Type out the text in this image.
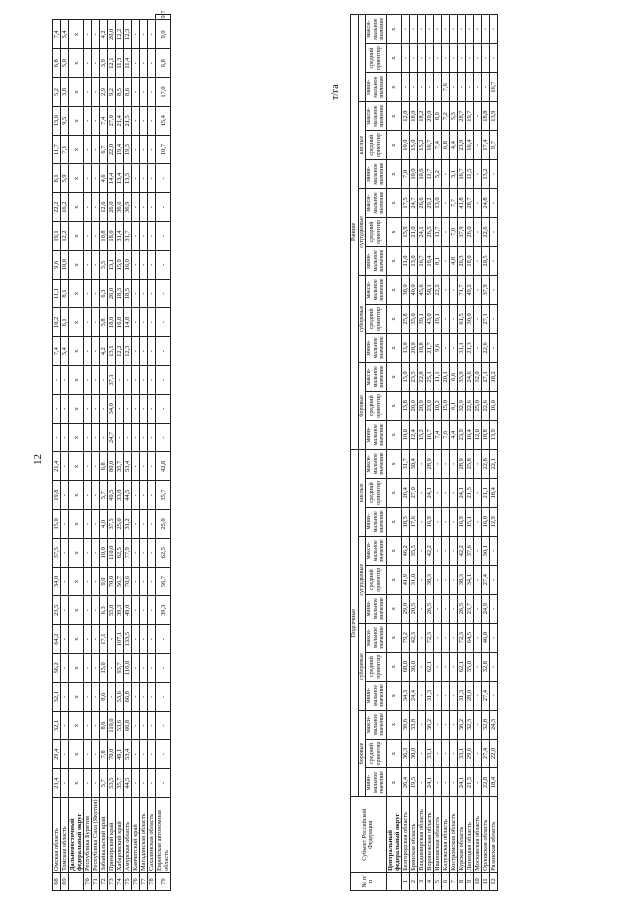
12
т/га
68	Омская область	21,4	29,4	32,1	32,1	56,2	64,2	23,5	34,0	37,5	15,0	19,8	21,4	-	-	-	7,4	10,2	11,1	9,6	19,1	22,2	8,1	11,7	13,0	5,2	6,8	7,4	
69	Томская область	-	-	-	-	-	-	-	-	-	-	-	-	-	-	-	5,4	6,1	8,1	10,0	12,2	16,2	5,9	7,1	9,5	3,8	5,0	5,4	
	Дальневосточный федеральный округ	х	х	х	х	х	х	х	х	х	х	х	х	х	х	х	х	х	х	х	х	х	х	х	х	х	х	х	
70	Республика Бурятия	-	-	-	-	-	-	-	-	-	-	-	-	-	-	-	-	-	-	-	-	-	-	-	-	-	-	-	
71	Республика Саха (Якутия)	-	-	-	-	-	-	-	-	-	-	-	-	-	-	-	-	-	-	-	-	-	-	-	-	-	-	-	
72	Забайкальский край	5,7	7,8	8,6	8,6	15,0	17,1	6,3	9,0	10,0	4,0	5,7	6,8	-	-	-	4,2	5,8	6,3	5,5	10,8	12,6	4,6	6,7	7,4	2,9	3,9	4,2	
73	Приморский край	53,5	70,0	110,0	-	-	-	55,0	70,0	110,0	37,5	49,5	80,0	24,7	34,0	37,1	13,1	18,0	26,0	13,1	18,0	26,0	14,4	22,0	27,0	9,2	12,1	20,0	
74	Хабаровский край	35,7	49,1	53,6	53,6	93,7	107,1	39,3	56,7	62,5	25,0	33,0	35,7	-	-	-	12,2	16,8	18,3	15,9	31,4	36,6	13,4	19,4	21,4	8,5	11,3	12,2	
75	Амурская область	44,5	53,4	66,8	66,8	116,8	133,5	49,0	70,6	77,9	31,2	44,5	53,4	-	-	-	12,3	14,8	18,5	16,0	31,7	36,9	13,5	19,5	21,5	8,6	11,4	12,3	
76	Камчатский край	-	-	-	-	-	-	-	-	-	-	-	-	-	-	-	-	-	-	-	-	-	-	-	-	-	-	-	
77	Магаданская область	-	-	-	-	-	-	-	-	-	-	-	-	-	-	-	-	-	-	-	-	-	-	-	-	-	-	-	
78	Сахалинская область	-	-	-	-	-	-	-	-	-	-	-	-	-	-	-	-	-	-	-	-	-	-	-	-	-	-	-	
79	Еврейская автономная область	-	-	-	-	-	-	39,3	56,7	62,5	25,0	35,7	42,8	-	-	-	-	-	-	-	-	-	-	10,7	15,4	17,0	6,8	9,0	9,7
№ п/п	Субъект Российской Федерации	Подсечные												Ранние														
		боровые			суборевые			сугрудковые			кислые			боровые			суборевые			сугрудковые			кислые					
		мини-мальное значение	средний ориентир	макси-мальное значение	мини-мальное значение	средний ориентир	макси-мальное значение	мини-мальное значение	средний ориентир	макси-мальное значение	мини-мальное значение	средний ориентир	макси-мальное значение	мини-мальное значение	средний ориентир	макси-мальное значение	мини-мальное значение	средний ориентир	макси-мальное значение	мини-мальное значение	средний ориентир	макси-мальное значение	мини-мальное значение	средний ориентир	макси-мальное значение	мини-мальное значение	средний ориентир	макси-мальное значение
	Центральный федеральный округ	х	х	х	х	х	х	х	х	х	х	х	х	х	х	х	х	х	х	х	х	х	х	х	х	х	х	х
1	Белгородская область	26,4	36,3	39,6	34,3	68,0	79,2	29,0	41,9	46,2	18,5	26,4	31,7	10,0	13,8	15,0	13,0	25,8	30,0	11,0	15,9	17,5	7,0	10,0	12,0	-	-	-
2	Брянская область	19,5	30,0	33,8	24,4	36,0	42,3	20,5	31,0	35,5	17,6	27,0	30,4	12,4	20,0	23,5	20,0	35,0	40,0	13,0	21,0	24,7	10,0	15,0	18,0	-	-	-
3	Владимирская область	-	-	-	-	-	-	-	-	-	-	-	-	15,2	20,9	22,8	19,8	39,1	45,6	16,7	24,1	26,6	10,6	15,2	18,2	-	-	-
4	Воронежская область	24,1	33,1	36,2	31,3	62,1	72,3	26,5	38,3	42,2	16,9	24,1	28,9	16,7	23,0	25,1	21,7	43,0	50,1	18,4	26,5	29,2	11,7	16,7	20,0	-	-	-
5	Ивановская область	-	-	-	-	-	-	-	-	-	-	-	-	7,4	10,2	11,1	9,6	19,1	22,2	8,1	11,7	13,0	5,2	7,4	8,9	-	-	-
6	Калужская область	-	-	-	-	-	-	-	-	-	-	-	-	7,6	15,0	20,1	-	-	-	-	-	-	-	6,8	7,2	7,6	-	-
7	Костромская область	-	-	-	-	-	-	-	-	-	-	-	-	4,4	6,1	6,6	-	-	-	4,8	7,0	7,7	3,1	4,4	5,3	-	-	-
8	Курская область	24,1	33,1	36,2	31,3	62,1	72,3	26,5	38,3	42,2	16,9	24,1	28,9	23,9	32,9	35,9	31,1	61,5	71,7	26,3	37,9	41,8	16,7	23,9	28,7	-	-	-
9	Липецкая область	21,5	29,6	32,3	28,0	35,0	64,5	23,7	34,1	37,6	15,1	21,5	25,8	16,4	22,6	24,6	21,3	30,0	49,2	18,0	26,0	28,7	11,5	16,4	19,7	-	-	-
10	Московская область	-	-	-	-	-	-	-	-	-	-	-	-	12,0	25,0	32,0	-	-	-	-	-	-	-	-	-	-	-	-
11	Орловская область	22,8	27,4	32,8	27,4	32,8	46,0	24,9	27,4	30,1	16,0	21,1	22,8	18,8	22,6	27,1	22,6	27,1	37,9	20,5	22,6	24,8	13,2	17,4	18,8	-	-	-
12	Рязанская область	18,4	22,0	24,3	-	-	-	-	-	-	12,9	18,4	22,1	13,9	16,0	18,2	-	-	-	-	-	-	-	9,7	13,9	16,7	-	-
